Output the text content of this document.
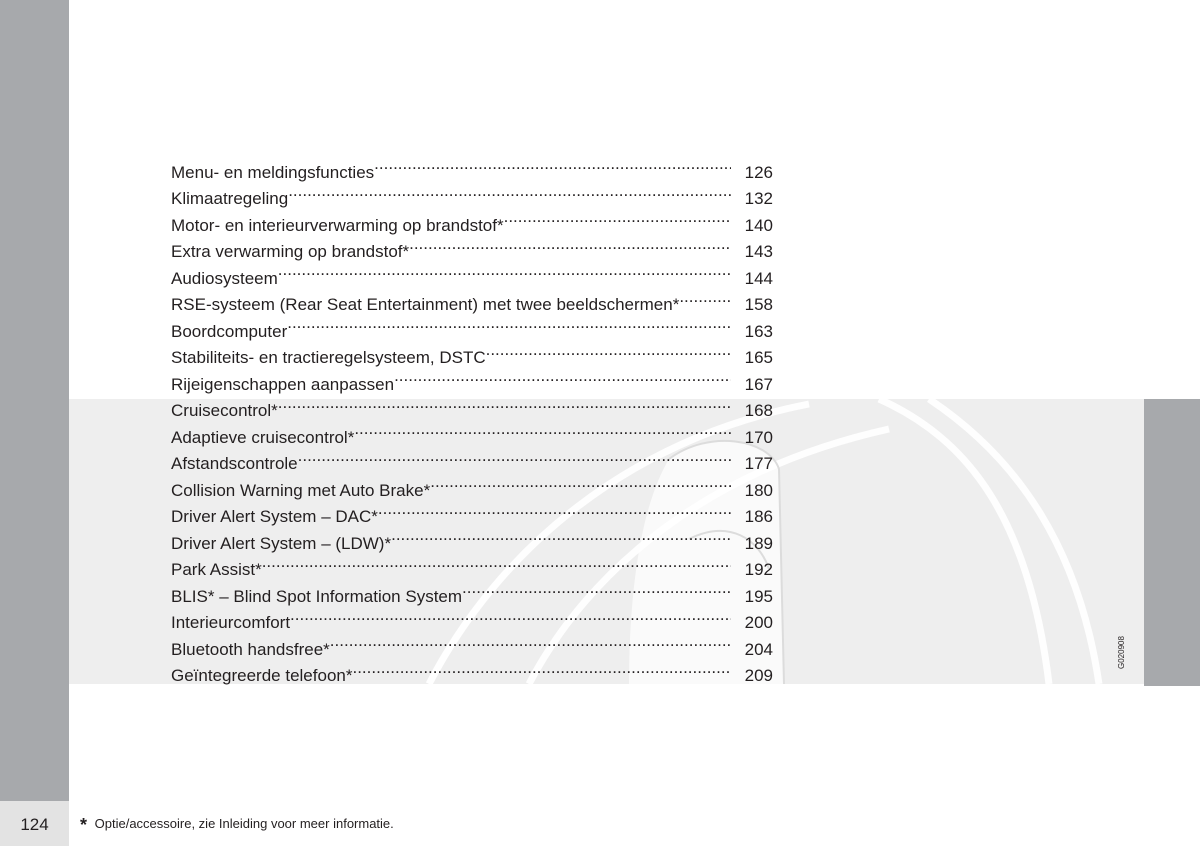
124
G020908
Menu- en meldingsfuncties .....	126
Klimaatregeling .....	132
Motor- en interieurverwarming op brandstof* .....	140
Extra verwarming op brandstof* .....	143
Audiosysteem .....	144
RSE-systeem (Rear Seat Entertainment) met twee beeldschermen* .....	158
Boordcomputer .....	163
Stabiliteits- en tractieregelsysteem, DSTC .....	165
Rijeigenschappen aanpassen .....	167
Cruisecontrol* .....	168
Adaptieve cruisecontrol* .....	170
Afstandscontrole .....	177
Collision Warning met Auto Brake* .....	180
Driver Alert System – DAC* .....	186
Driver Alert System – (LDW)* .....	189
Park Assist* .....	192
BLIS* – Blind Spot Information System .....	195
Interieurcomfort .....	200
Bluetooth handsfree* .....	204
Geïntegreerde telefoon* .....	209
* Optie/accessoire, zie Inleiding voor meer informatie.
